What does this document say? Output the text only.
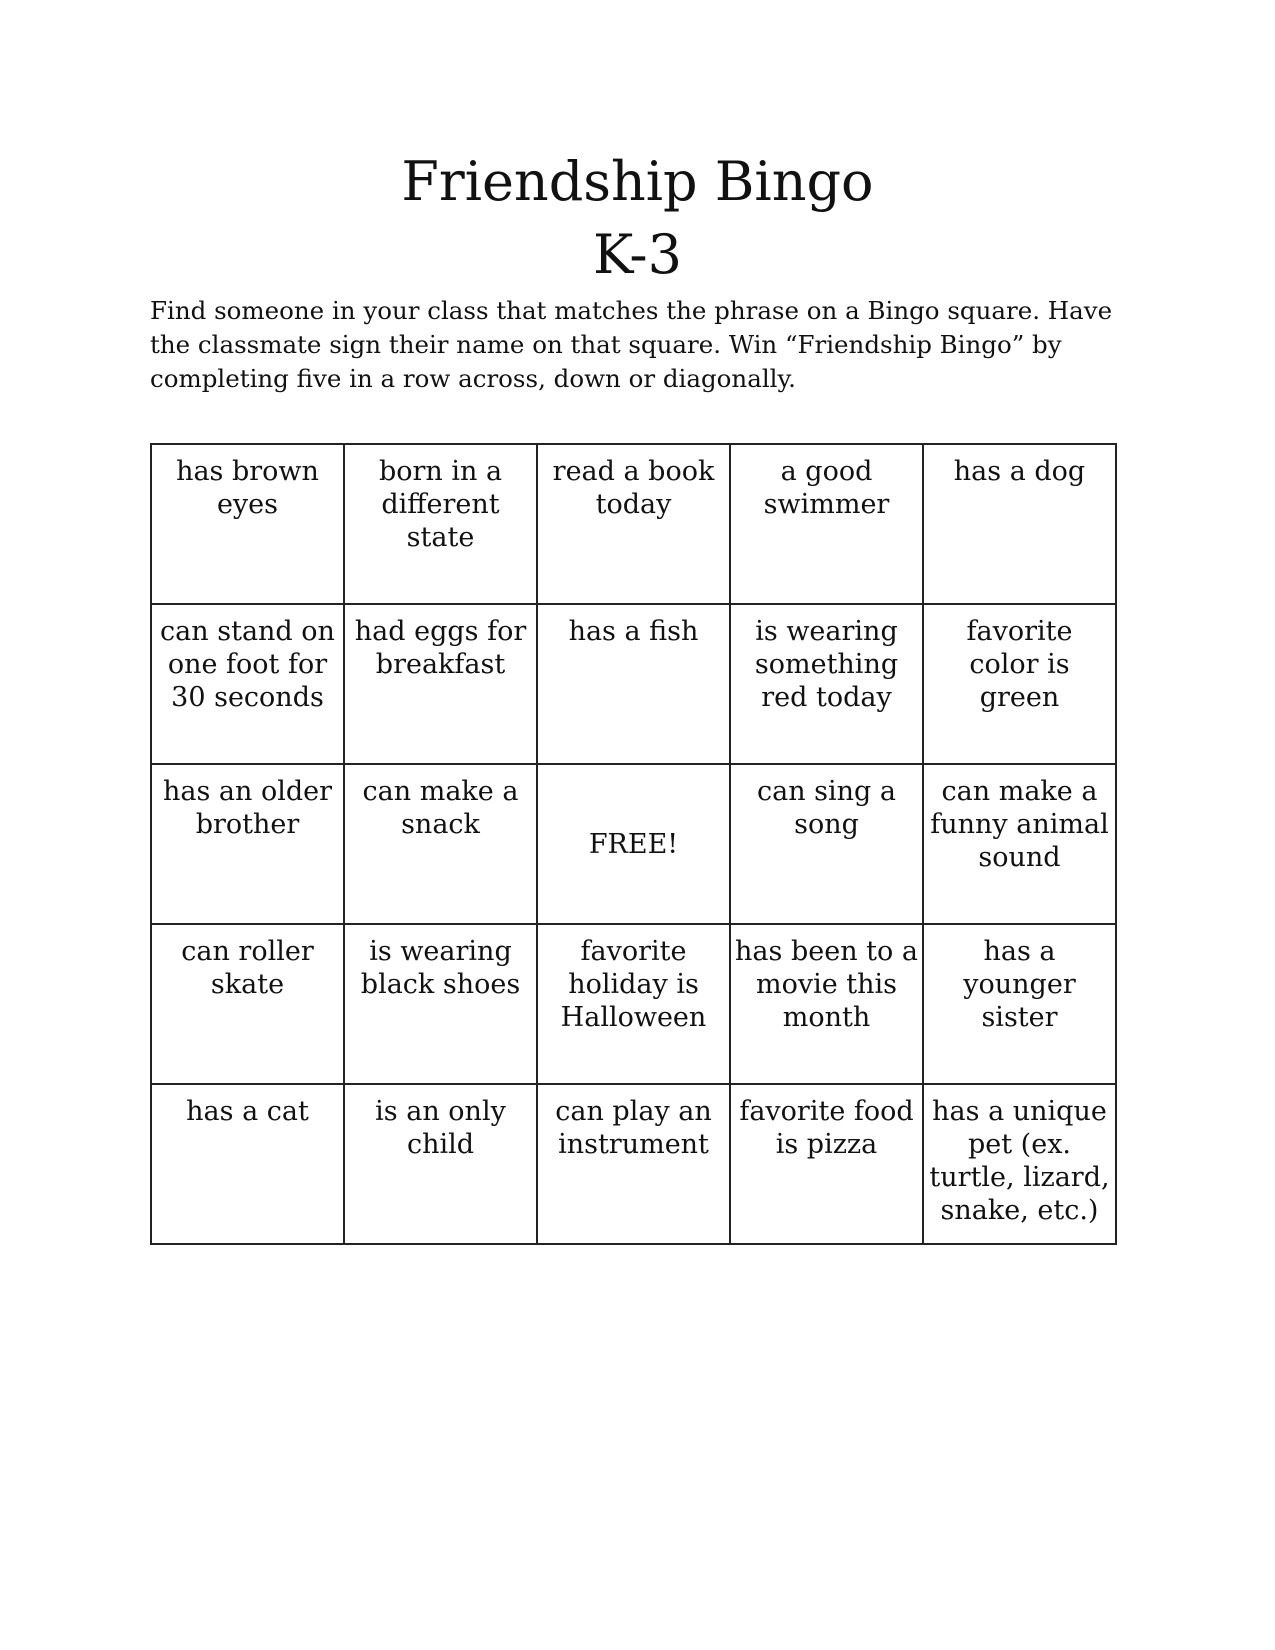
Friendship Bingo
K-3

Find someone in your class that matches the phrase on a Bingo square. Have the classmate sign their name on that square. Win “Friendship Bingo” by completing five in a row across, down or diagonally.

has brown eyes	born in a different state	read a book today	a good swimmer	has a dog
can stand on one foot for 30 seconds	had eggs for breakfast	has a fish	is wearing something red today	favorite color is green
has an older brother	can make a snack	FREE!	can sing a song	can make a funny animal sound
can roller skate	is wearing black shoes	favorite holiday is Halloween	has been to a movie this month	has a younger sister
has a cat	is an only child	can play an instrument	favorite food is pizza	has a unique pet (ex. turtle, lizard, snake, etc.)
